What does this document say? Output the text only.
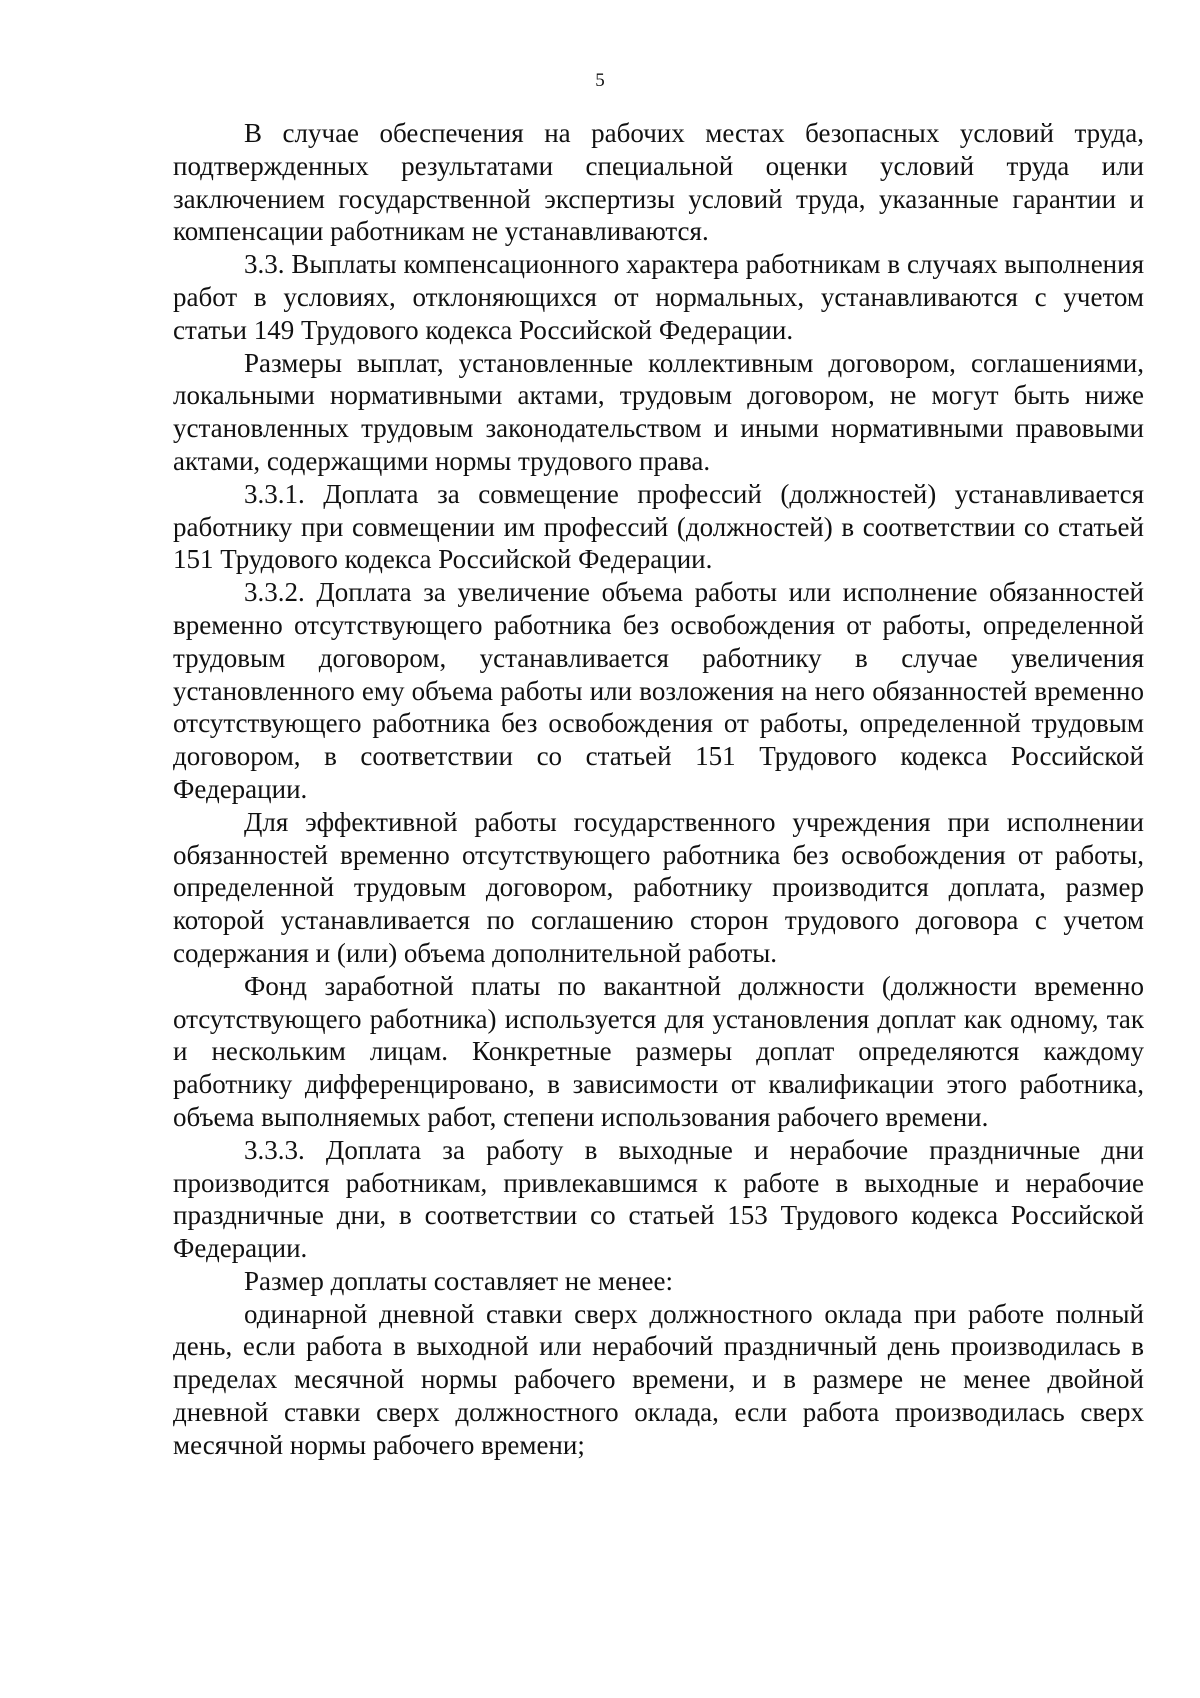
5

В случае обеспечения на рабочих местах безопасных условий труда, подтвержденных результатами специальной оценки условий труда или заключением государственной экспертизы условий труда, указанные гарантии и компенсации работникам не устанавливаются.

3.3. Выплаты компенсационного характера работникам в случаях выполнения работ в условиях, отклоняющихся от нормальных, устанавливаются с учетом статьи 149 Трудового кодекса Российской Федерации.

Размеры выплат, установленные коллективным договором, соглашениями, локальными нормативными актами, трудовым договором, не могут быть ниже установленных трудовым законодательством и иными нормативными правовыми актами, содержащими нормы трудового права.

3.3.1. Доплата за совмещение профессий (должностей) устанавливается работнику при совмещении им профессий (должностей) в соответствии со статьей 151 Трудового кодекса Российской Федерации.

3.3.2. Доплата за увеличение объема работы или исполнение обязанностей временно отсутствующего работника без освобождения от работы, определенной трудовым договором, устанавливается работнику в случае увеличения установленного ему объема работы или возложения на него обязанностей временно отсутствующего работника без освобождения от работы, определенной трудовым договором, в соответствии со статьей 151 Трудового кодекса Российской Федерации.

Для эффективной работы государственного учреждения при исполнении обязанностей временно отсутствующего работника без освобождения от работы, определенной трудовым договором, работнику производится доплата, размер которой устанавливается по соглашению сторон трудового договора с учетом содержания и (или) объема дополнительной работы.

Фонд заработной платы по вакантной должности (должности временно отсутствующего работника) используется для установления доплат как одному, так и нескольким лицам. Конкретные размеры доплат определяются каждому работнику дифференцировано, в зависимости от квалификации этого работника, объема выполняемых работ, степени использования рабочего времени.

3.3.3. Доплата за работу в выходные и нерабочие праздничные дни производится работникам, привлекавшимся к работе в выходные и нерабочие праздничные дни, в соответствии со статьей 153 Трудового кодекса Российской Федерации.

Размер доплаты составляет не менее:

одинарной дневной ставки сверх должностного оклада при работе полный день, если работа в выходной или нерабочий праздничный день производилась в пределах месячной нормы рабочего времени, и в размере не менее двойной дневной ставки сверх должностного оклада, если работа производилась сверх месячной нормы рабочего времени;
